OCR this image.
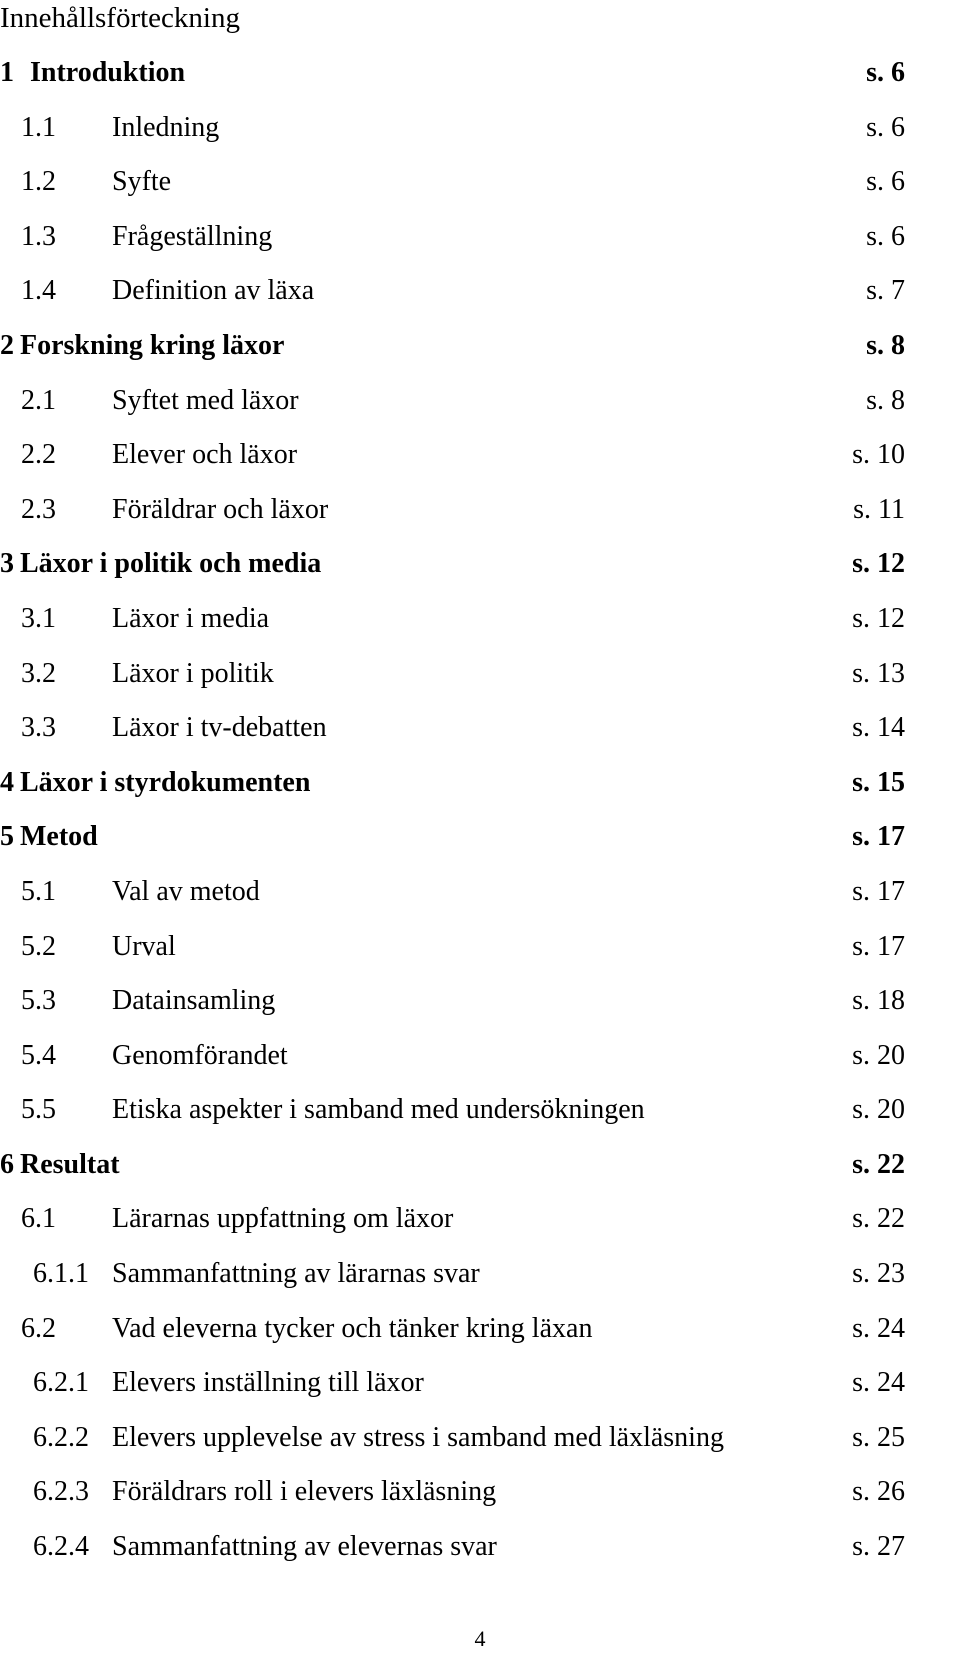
Innehållsförteckning
1 Introduktion	s. 6
1.1 Inledning	s. 6
1.2 Syfte	s. 6
1.3 Frågeställning	s. 6
1.4 Definition av läxa	s. 7
2 Forskning kring läxor	s. 8
2.1 Syftet med läxor	s. 8
2.2 Elever och läxor	s. 10
2.3 Föräldrar och läxor	s. 11
3 Läxor i politik och media	s. 12
3.1 Läxor i media	s. 12
3.2 Läxor i politik	s. 13
3.3 Läxor i tv-debatten	s. 14
4 Läxor i styrdokumenten	s. 15
5 Metod	s. 17
5.1 Val av metod	s. 17
5.2 Urval	s. 17
5.3 Datainsamling	s. 18
5.4 Genomförandet	s. 20
5.5 Etiska aspekter i samband med undersökningen	s. 20
6 Resultat	s. 22
6.1 Lärarnas uppfattning om läxor	s. 22
6.1.1 Sammanfattning av lärarnas svar	s. 23
6.2 Vad eleverna tycker och tänker kring läxan	s. 24
6.2.1 Elevers inställning till läxor	s. 24
6.2.2 Elevers upplevelse av stress i samband med läxläsning	s. 25
6.2.3 Föräldrars roll i elevers läxläsning	s. 26
6.2.4 Sammanfattning av elevernas svar	s. 27
4
